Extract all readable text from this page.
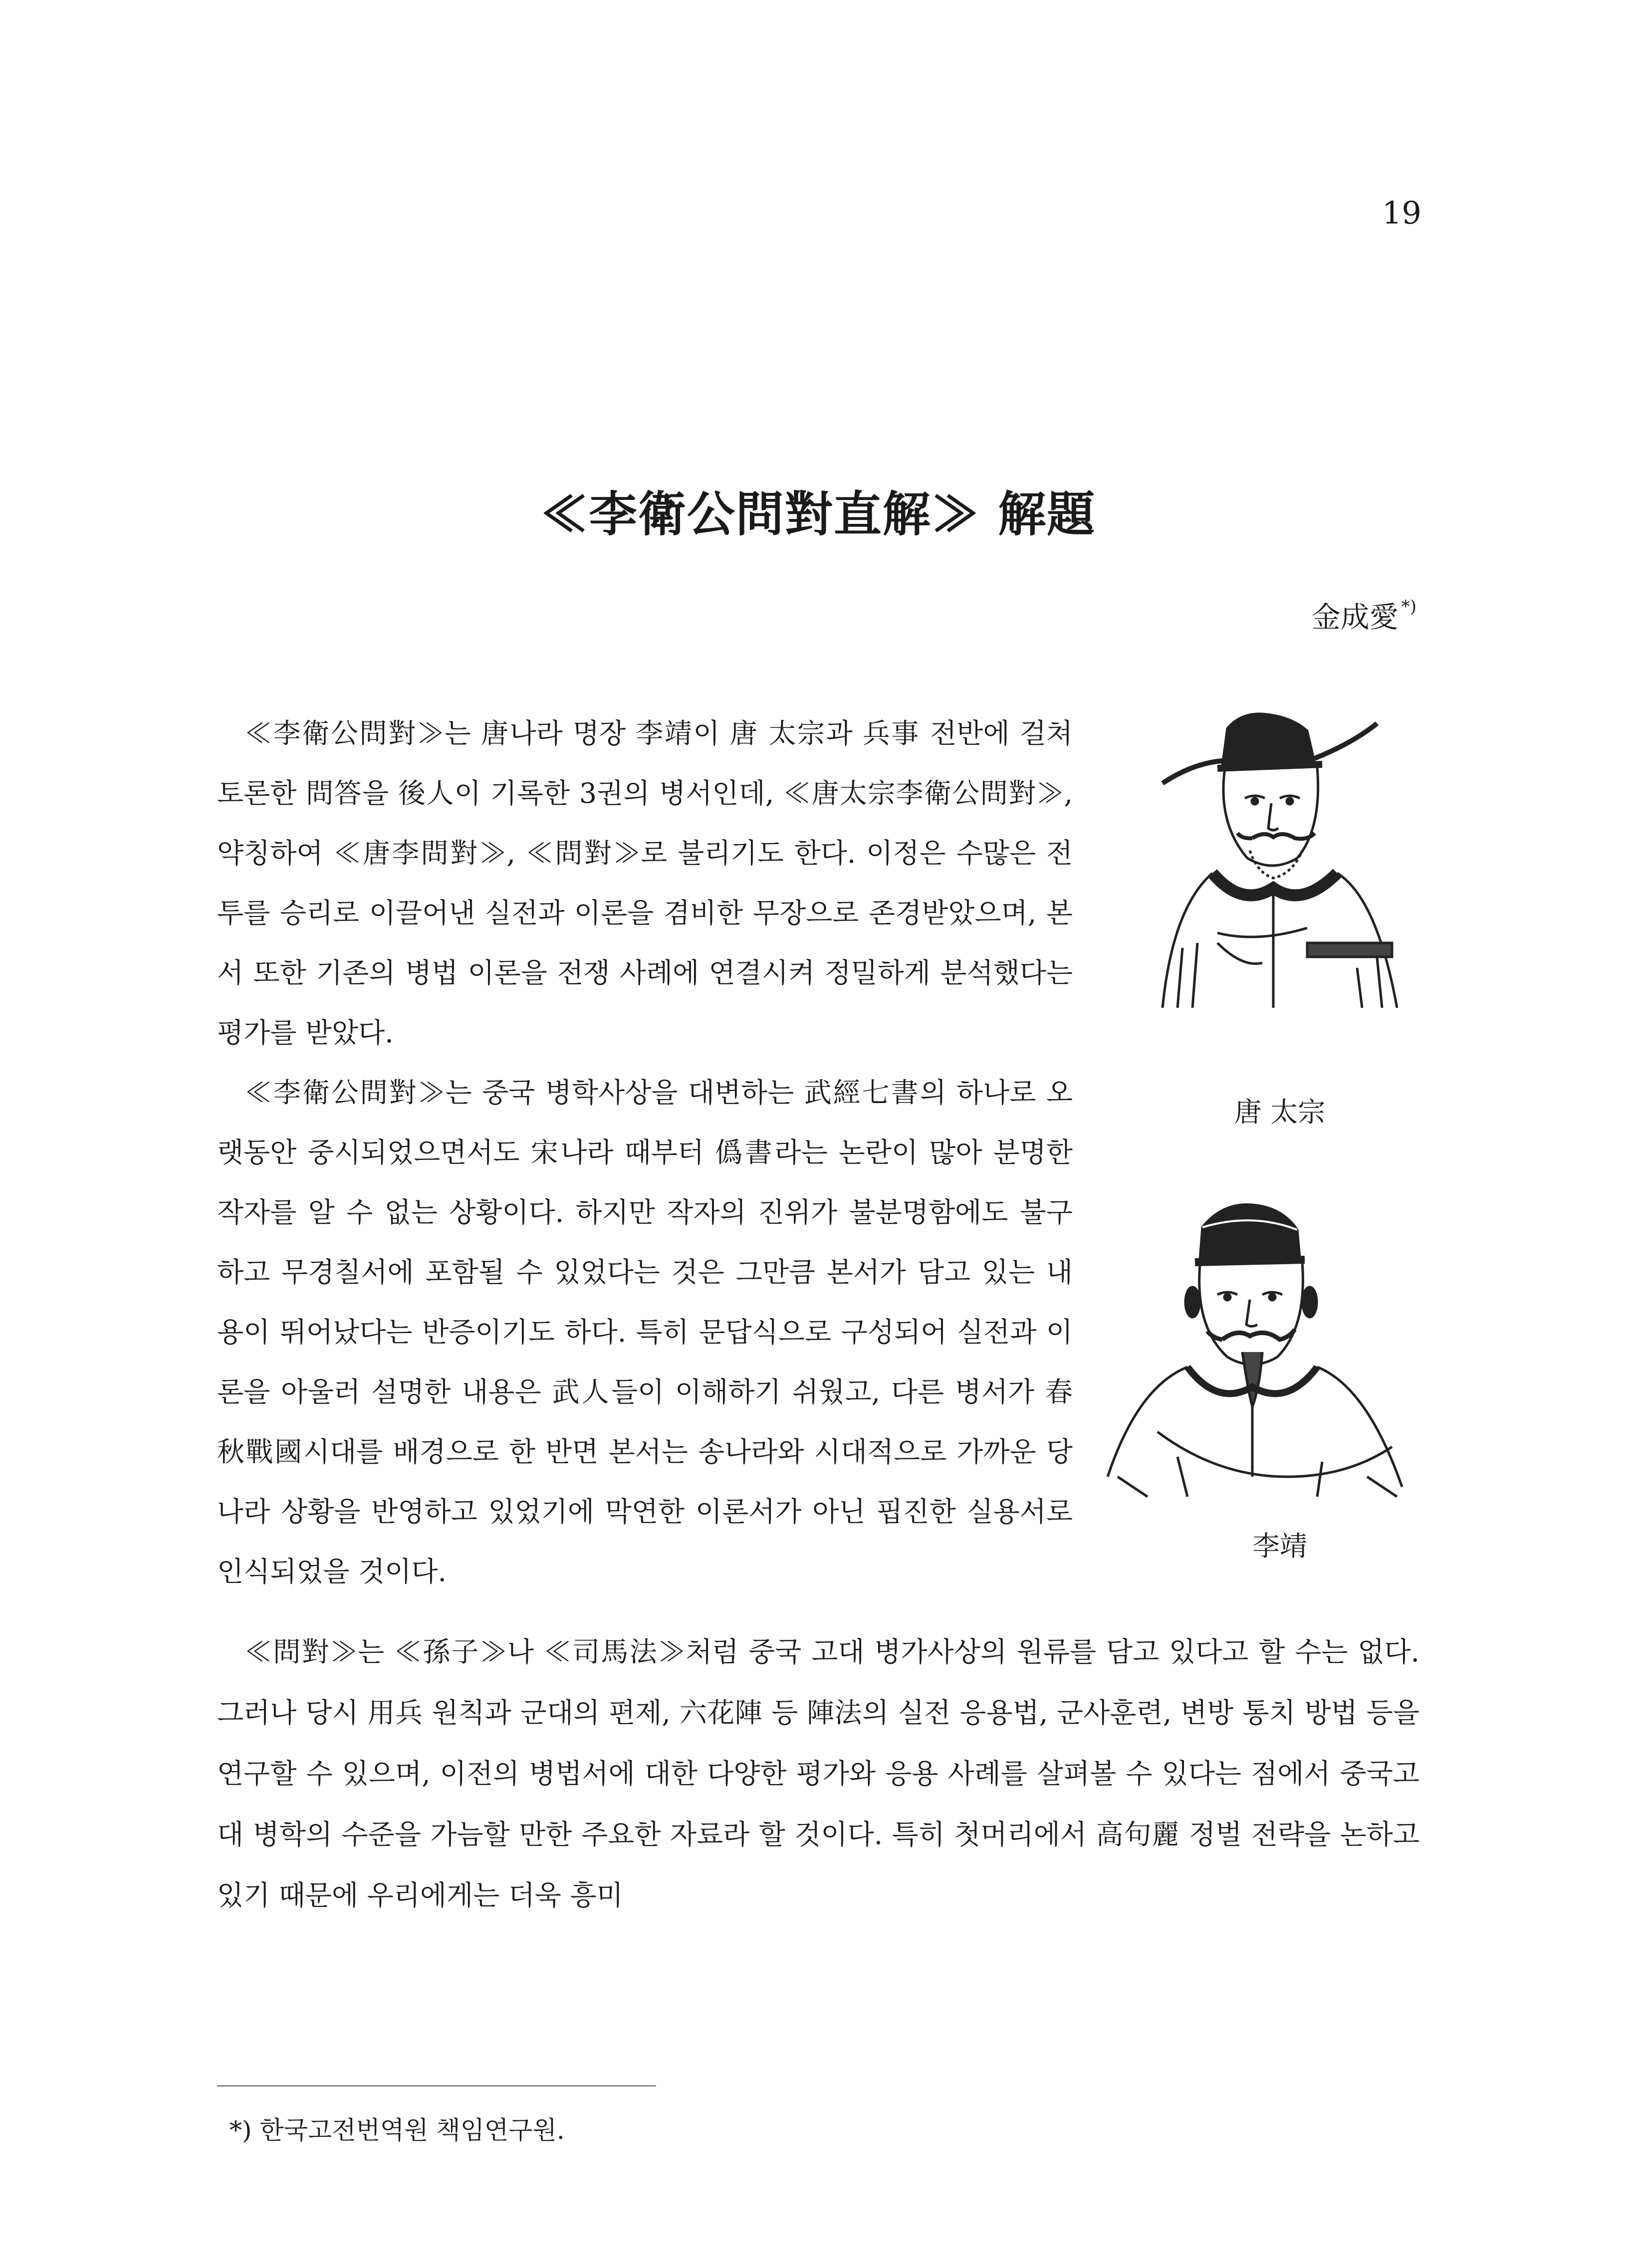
19
≪李衛公問對直解≫ 解題
金成愛 *)

≪李衛公問對≫는 唐나라 명장 李靖이 唐 太宗과 兵事 전반에 걸쳐 토론한 問答을 後人이 기록한 3권의 병서인데, ≪唐太宗李衛公問對≫, 약칭하여 ≪唐李問對≫, ≪問對≫로 불리기도 한다. 이정은 수많은 전투를 승리로 이끌어낸 실전과 이론을 겸비한 무장으로 존경받았으며, 본서 또한 기존의 병법 이론을 전쟁 사례에 연결시켜 정밀하게 분석했다는 평가를 받았다.

≪李衛公問對≫는 중국 병학사상을 대변하는 武經七書의 하나로 오랫동안 중시되었으면서도 宋나라 때부터 僞書라는 논란이 많아 분명한 작자를 알 수 없는 상황이다. 하지만 작자의 진위가 불분명함에도 불구하고 무경칠서에 포함될 수 있었다는 것은 그만큼 본서가 담고 있는 내용이 뛰어났다는 반증이기도 하다. 특히 문답식으로 구성되어 실전과 이론을 아울러 설명한 내용은 武人들이 이해하기 쉬웠고, 다른 병서가 春秋戰國시대를 배경으로 한 반면 본서는 송나라와 시대적으로 가까운 당나라 상황을 반영하고 있었기에 막연한 이론서가 아닌 핍진한 실용서로 인식되었을 것이다.

唐 太宗
李靖

≪問對≫는 ≪孫子≫나 ≪司馬法≫처럼 중국 고대 병가사상의 원류를 담고 있다고 할 수는 없다. 그러나 당시 用兵 원칙과 군대의 편제, 六花陣 등 陣法의 실전 응용법, 군사훈련, 변방 통치 방법 등을 연구할 수 있으며, 이전의 병법서에 대한 다양한 평가와 응용 사례를 살펴볼 수 있다는 점에서 중국고대 병학의 수준을 가늠할 만한 주요한 자료라 할 것이다. 특히 첫머리에서 高句麗 정벌 전략을 논하고 있기 때문에 우리에게는 더욱 흥미

*) 한국고전번역원 책임연구원.
